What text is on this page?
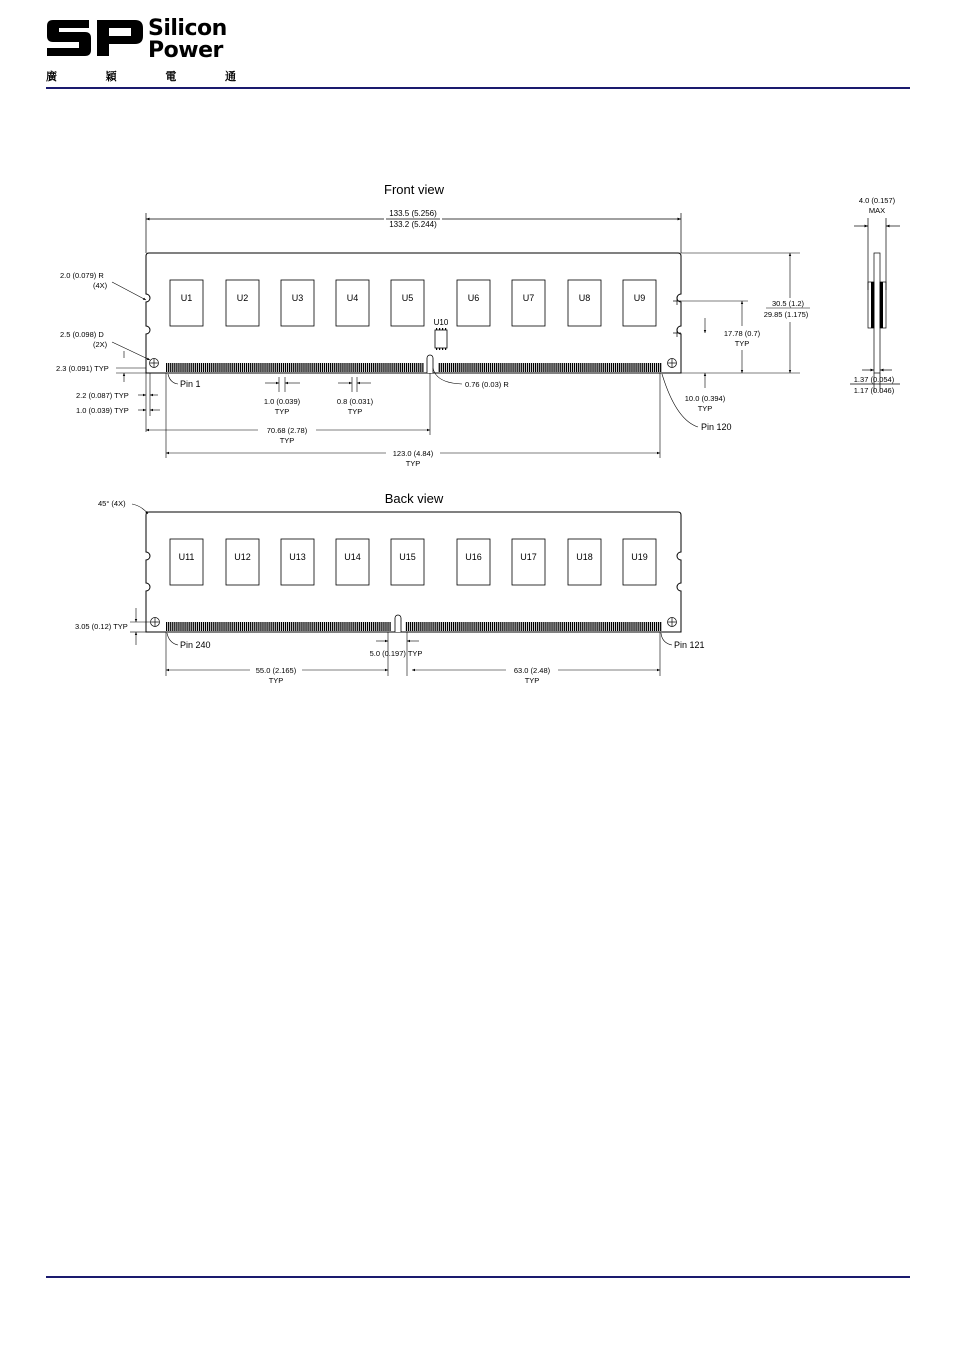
Silicon
Power
廣	穎	電	通
Front view
133.5 (5.256)
133.2 (5.244)
U1	U2	U3	U4	U5	U6	U7	U8	U9
U10
2.0 (0.079) R
(4X)
2.5 (0.098) D
(2X)
2.3 (0.091) TYP
2.2 (0.087) TYP
1.0 (0.039) TYP
Pin 1
1.0 (0.039)
TYP
0.8 (0.031)
TYP
0.76 (0.03) R
70.68 (2.78)
TYP
123.0 (4.84)
TYP
30.5 (1.2)
29.85 (1.175)
17.78 (0.7)
TYP
10.0 (0.394)
TYP
Pin 120
4.0 (0.157)
MAX
1.37 (0.054)
1.17 (0.046)
Back view
45° (4X)
U11	U12	U13	U14	U15	U16	U17	U18	U19
3.05 (0.12) TYP
Pin 240	Pin 121
5.0 (0.197) TYP
55.0 (2.165)
TYP
63.0 (2.48)
TYP
